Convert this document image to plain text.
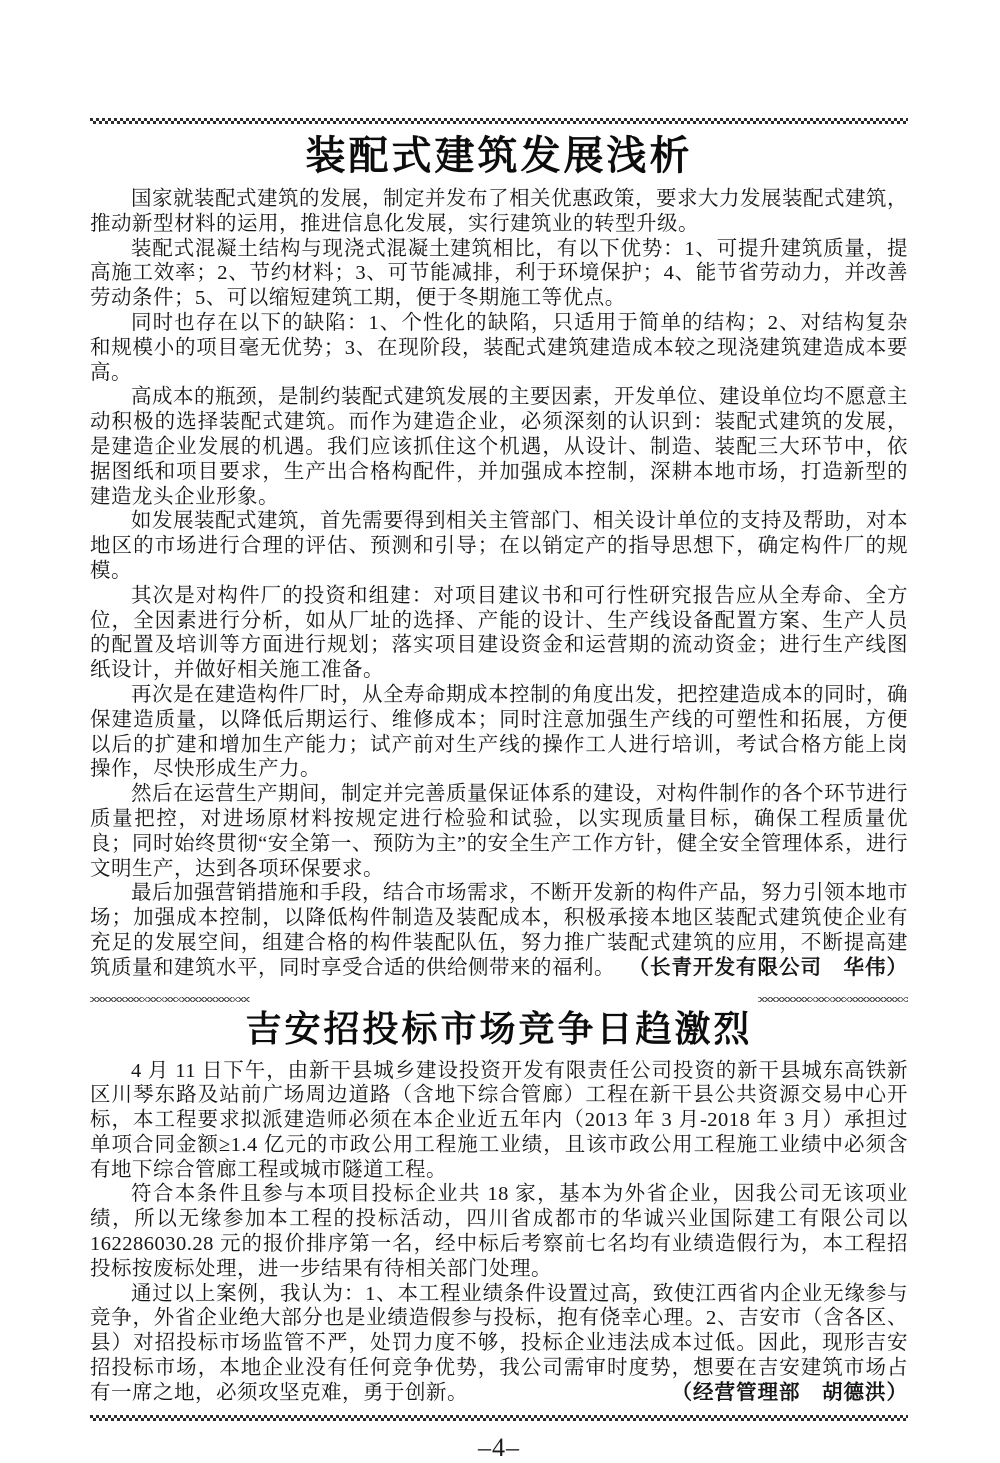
装配式建筑发展浅析

国家就装配式建筑的发展，制定并发布了相关优惠政策，要求大力发展装配式建筑，推动新型材料的运用，推进信息化发展，实行建筑业的转型升级。

装配式混凝土结构与现浇式混凝土建筑相比，有以下优势：1、可提升建筑质量，提高施工效率；2、节约材料；3、可节能减排，利于环境保护；4、能节省劳动力，并改善劳动条件；5、可以缩短建筑工期，便于冬期施工等优点。

同时也存在以下的缺陷：1、个性化的缺陷，只适用于简单的结构；2、对结构复杂和规模小的项目毫无优势；3、在现阶段，装配式建筑建造成本较之现浇建筑建造成本要高。

高成本的瓶颈，是制约装配式建筑发展的主要因素，开发单位、建设单位均不愿意主动积极的选择装配式建筑。而作为建造企业，必须深刻的认识到：装配式建筑的发展，是建造企业发展的机遇。我们应该抓住这个机遇，从设计、制造、装配三大环节中，依据图纸和项目要求，生产出合格构配件，并加强成本控制，深耕本地市场，打造新型的建造龙头企业形象。

如发展装配式建筑，首先需要得到相关主管部门、相关设计单位的支持及帮助，对本地区的市场进行合理的评估、预测和引导；在以销定产的指导思想下，确定构件厂的规模。

其次是对构件厂的投资和组建：对项目建议书和可行性研究报告应从全寿命、全方位，全因素进行分析，如从厂址的选择、产能的设计、生产线设备配置方案、生产人员的配置及培训等方面进行规划；落实项目建设资金和运营期的流动资金；进行生产线图纸设计，并做好相关施工准备。

再次是在建造构件厂时，从全寿命期成本控制的角度出发，把控建造成本的同时，确保建造质量，以降低后期运行、维修成本；同时注意加强生产线的可塑性和拓展，方便以后的扩建和增加生产能力；试产前对生产线的操作工人进行培训，考试合格方能上岗操作，尽快形成生产力。

然后在运营生产期间，制定并完善质量保证体系的建设，对构件制作的各个环节进行质量把控，对进场原材料按规定进行检验和试验，以实现质量目标，确保工程质量优良；同时始终贯彻“安全第一、预防为主”的安全生产工作方针，健全安全管理体系，进行文明生产，达到各项环保要求。

最后加强营销措施和手段，结合市场需求，不断开发新的构件产品，努力引领本地市场；加强成本控制，以降低构件制造及装配成本，积极承接本地区装配式建筑使企业有充足的发展空间，组建合格的构件装配队伍，努力推广装配式建筑的应用，不断提高建筑质量和建筑水平，同时享受合适的供给侧带来的福利。 （长青开发有限公司　华伟）

吉安招投标市场竞争日趋激烈

4 月 11 日下午，由新干县城乡建设投资开发有限责任公司投资的新干县城东高铁新区川琴东路及站前广场周边道路（含地下综合管廊）工程在新干县公共资源交易中心开标，本工程要求拟派建造师必须在本企业近五年内（2013 年 3 月-2018 年 3 月）承担过单项合同金额≥1.4 亿元的市政公用工程施工业绩，且该市政公用工程施工业绩中必须含有地下综合管廊工程或城市隧道工程。

符合本条件且参与本项目投标企业共 18 家，基本为外省企业，因我公司无该项业绩，所以无缘参加本工程的投标活动，四川省成都市的华诚兴业国际建工有限公司以 162286030.28 元的报价排序第一名，经中标后考察前七名均有业绩造假行为，本工程招投标按废标处理，进一步结果有待相关部门处理。

通过以上案例，我认为：1、本工程业绩条件设置过高，致使江西省内企业无缘参与竞争，外省企业绝大部分也是业绩造假参与投标，抱有侥幸心理。2、吉安市（含各区、县）对招投标市场监管不严，处罚力度不够，投标企业违法成本过低。因此，现形吉安招投标市场，本地企业没有任何竞争优势，我公司需审时度势，想要在吉安建筑市场占有一席之地，必须攻坚克难，勇于创新。	（经营管理部　胡德洪）

–4–
